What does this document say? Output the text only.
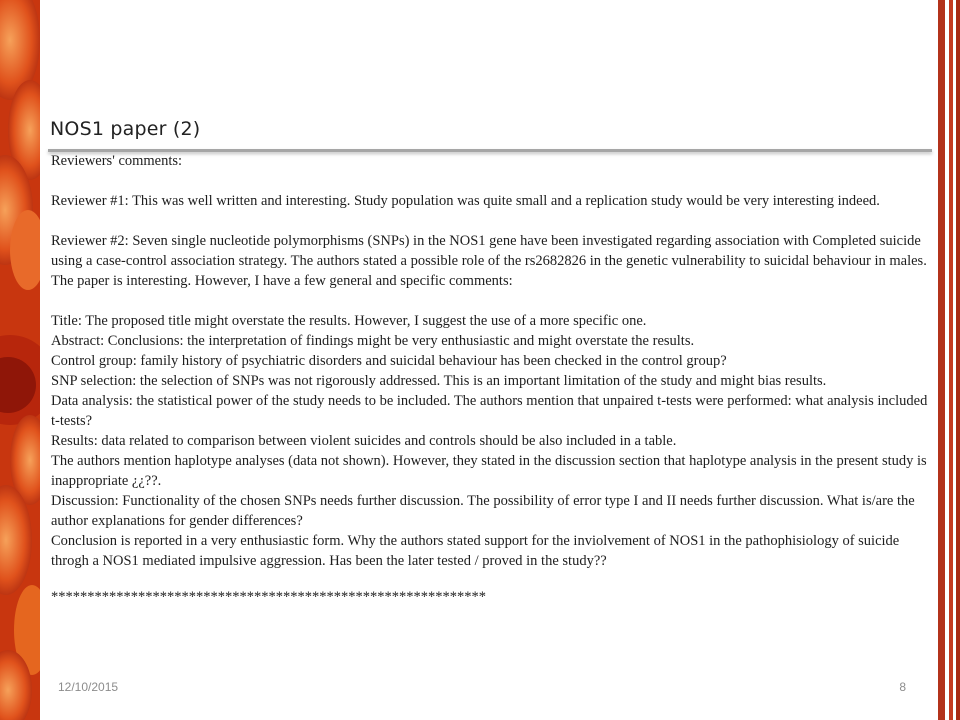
NOS1 paper (2)

Reviewers' comments:

Reviewer #1: This was well written and interesting. Study population was quite small and a replication study would be very interesting indeed.

Reviewer #2: Seven single nucleotide polymorphisms (SNPs) in the NOS1 gene have been investigated regarding association with Completed suicide using a case-control association strategy. The authors stated a possible role of the rs2682826 in the genetic vulnerability to suicidal behaviour in males. The paper is interesting. However, I have a few general and specific comments:

Title: The proposed title might overstate the results. However, I suggest the use of a more specific one.

Abstract: Conclusions: the interpretation of findings might be very enthusiastic and might overstate the results.

Control group: family history of psychiatric disorders and suicidal behaviour has been checked in the control group?

SNP selection: the selection of SNPs was not rigorously addressed. This is an important limitation of the study and might bias results.

Data analysis: the statistical power of the study needs to be included. The authors mention that unpaired t-tests were performed: what analysis included t-tests?

Results: data related to comparison between violent suicides and controls should be also included in a table.

The authors mention haplotype analyses (data not shown). However, they stated in the discussion section that haplotype analysis in the present study is inappropriate ¿¿??.

Discussion: Functionality of the chosen SNPs needs further discussion. The possibility of error type I and II needs further discussion. What is/are the author explanations for gender differences?

Conclusion is reported in a very enthusiastic form. Why the authors stated support for the inviolvement of NOS1 in the pathophisiology of suicide throgh a NOS1 mediated impulsive aggression. Has been the later tested / proved in the study??

************************************************************

12/10/2015	8
